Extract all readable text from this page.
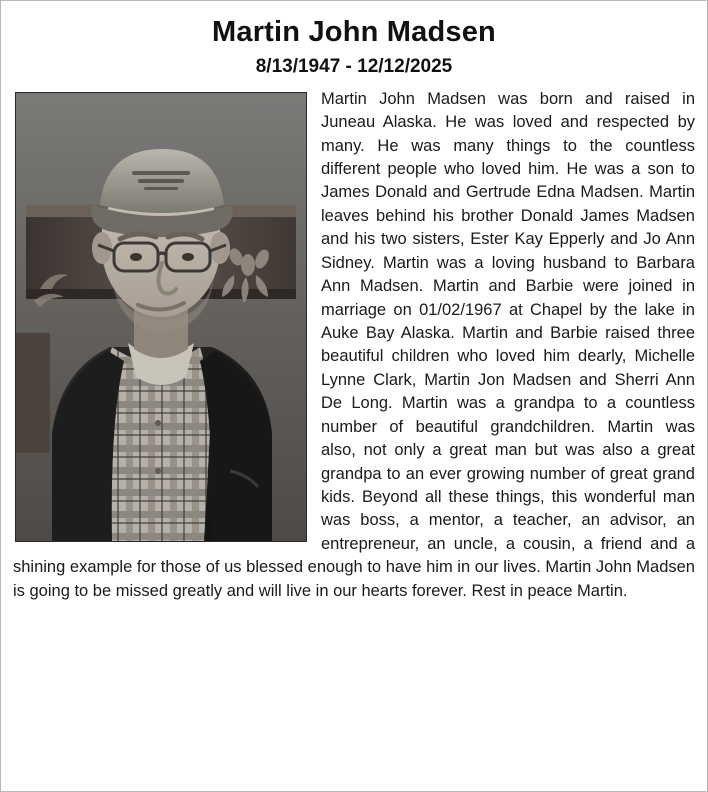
Martin John Madsen
8/13/1947 - 12/12/2025
Martin John Madsen was born and raised in Juneau Alaska. He was loved and respected by many. He was many things to the countless different people who loved him. He was a son to James Donald and Gertrude Edna Madsen. Martin leaves behind his brother Donald James Madsen and his two sisters, Ester Kay Epperly and Jo Ann Sidney. Martin was a loving husband to Barbara Ann Madsen. Martin and Barbie were joined in marriage on 01/02/1967 at Chapel by the lake in Auke Bay Alaska. Martin and Barbie raised three beautiful children who loved him dearly, Michelle Lynne Clark, Martin Jon Madsen and Sherri Ann De Long. Martin was a grandpa to a countless number of beautiful grandchildren. Martin was also, not only a great man but was also a great grandpa to an ever growing number of great grand kids. Beyond all these things, this wonderful man was boss, a mentor, a teacher, an advisor, an entrepreneur, an uncle, a cousin, a friend and a shining example for those of us blessed enough to have him in our lives. Martin John Madsen is going to be missed greatly and will live in our hearts forever. Rest in peace Martin.
